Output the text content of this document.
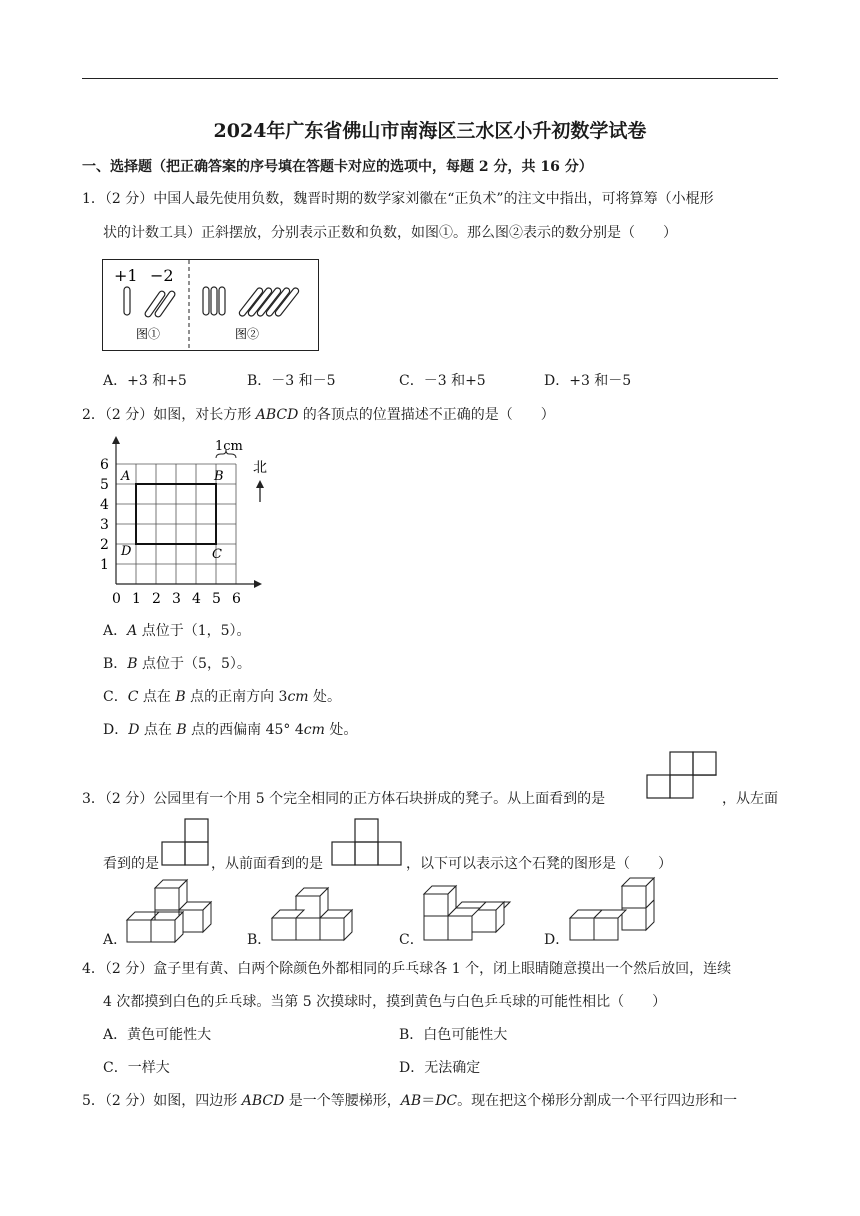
2024年广东省佛山市南海区三水区小升初数学试卷
一、选择题（把正确答案的序号填在答题卡对应的选项中，每题 2 分，共 16 分）
1．（2 分）中国人最先使用负数，魏晋时期的数学家刘徽在“正负术”的注文中指出，可将算筹（小棍形
状的计数工具）正斜摆放，分别表示正数和负数，如图①。那么图②表示的数分别是（　　）
+1 −2
图①	图②
A．+3 和+5	B．－3 和－5	C．－3 和+5	D．+3 和－5
2．（2 分）如图，对长方形 ABCD 的各顶点的位置描述不正确的是（　　）
1cm
北
A	B
C
D
1
2
3
4
5
6
0 1 2 3 4 5 6
A．A 点位于（1，5）。
B．B 点位于（5，5）。
C．C 点在 B 点的正南方向 3cm 处。
D．D 点在 B 点的西偏南 45° 4cm 处。
3．（2 分）公园里有一个用 5 个完全相同的正方体石块拼成的凳子。从上面看到的是	，从左面
看到的是	，从前面看到的是	，以下可以表示这个石凳的图形是（　　）
A．	B．	C．	D．
4．（2 分）盒子里有黄、白两个除颜色外都相同的乒乓球各 1 个，闭上眼睛随意摸出一个然后放回，连续
4 次都摸到白色的乒乓球。当第 5 次摸球时，摸到黄色与白色乒乓球的可能性相比（　　）
A．黄色可能性大	B．白色可能性大
C．一样大	D．无法确定
5．（2 分）如图，四边形 ABCD 是一个等腰梯形，AB＝DC。现在把这个梯形分割成一个平行四边形和一
